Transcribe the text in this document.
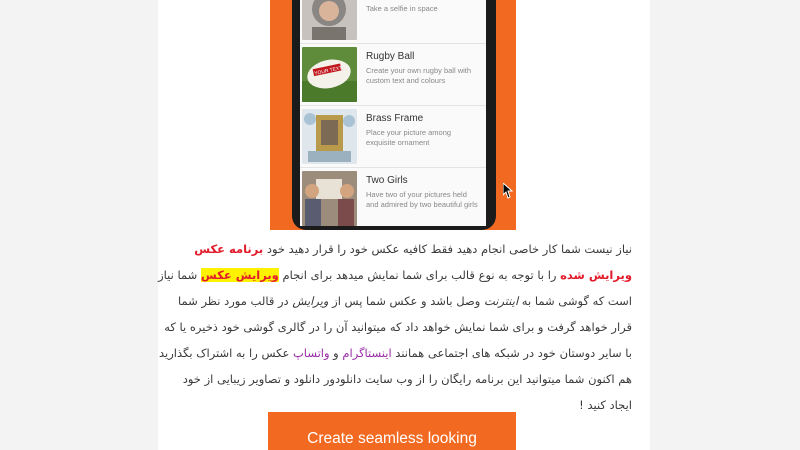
Take a selfie in space
YOUR TEXT
Rugby Ball
Create your own rugby ball with custom text and colours
Brass Frame
Place your picture among exquisite ornament
Two Girls
Have two of your pictures held and admired by two beautiful girls
نیاز نیست شما کار خاصی انجام دهید فقط کافیه عکس خود را قرار دهید خود برنامه عکس ویرایش شده را با توجه به نوع قالب برای شما نمایش میدهد برای انجام ویرایش عکس شما نیاز است که گوشی شما به اینترنت وصل باشد و عکس شما پس از ویرایش در قالب مورد نظر شما قرار خواهد گرفت و برای شما نمایش خواهد داد که میتوانید آن را در گالری گوشی خود ذخیره یا که با سایر دوستان خود در شبکه های اجتماعی همانند اینستاگرام و واتساپ عکس را به اشتراک بگذارید هم اکنون شما میتوانید این برنامه رایگان را از وب سایت دانلودور دانلود و تصاویر زیبایی از خود ایجاد کنید !
Create seamless looking
